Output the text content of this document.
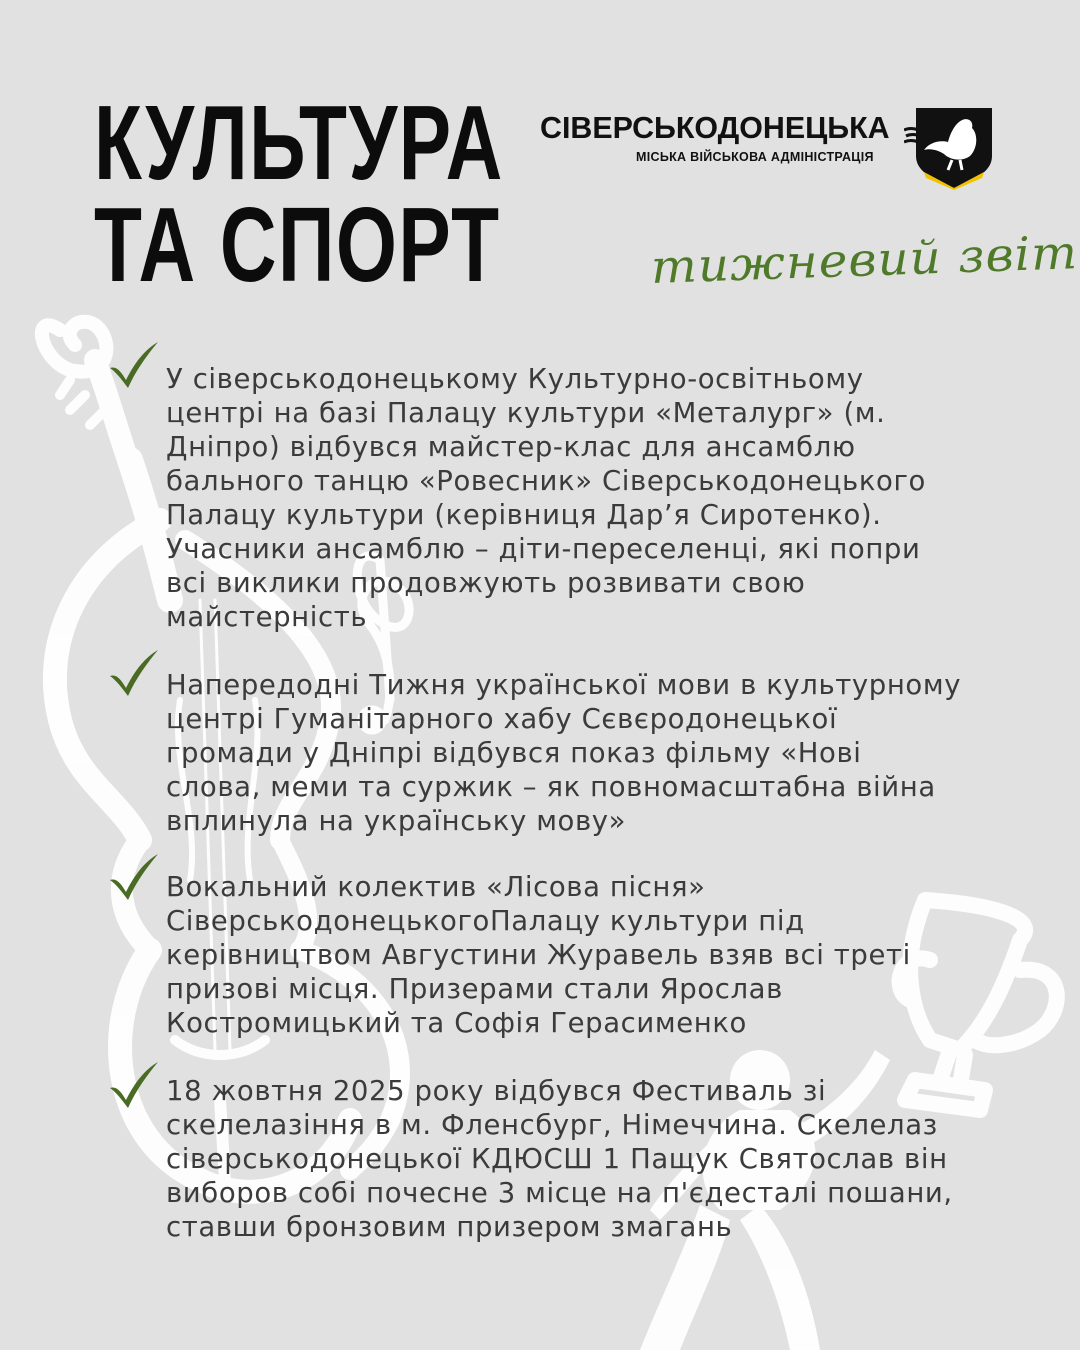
КУЛЬТУРА
ТА СПОРТ
СІВЕРСЬКОДОНЕЦЬКА
МІСЬКА ВІЙСЬКОВА АДМІНІСТРАЦІЯ
тижневий звіт
У сіверськодонецькому Культурно-освітньому
центрі на базі Палацу культури «Металург» (м.
Дніпро) відбувся майстер-клас для ансамблю
бального танцю «Ровесник» Сіверськодонецького
Палацу культури (керівниця Дар’я Сиротенко).
Учасники ансамблю – діти-переселенці, які попри
всі виклики продовжують розвивати свою
майстерність
Напередодні Тижня української мови в культурному
центрі Гуманітарного хабу Сєвєродонецької
громади у Дніпрі відбувся показ фільму «Нові
слова, меми та суржик – як повномасштабна війна
вплинула на українську мову»
Вокальний колектив «Лісова пісня»
СіверськодонецькогоПалацу культури під
керівництвом Августини Журавель взяв всі треті
призові місця. Призерами стали Ярослав
Костромицький та Софія Герасименко
18 жовтня 2025 року відбувся Фестиваль зі
скелелазіння в м. Фленсбург, Німеччина. Скелелаз
сіверськодонецької КДЮСШ 1 Пащук Святослав він
виборов собі почесне 3 місце на п'єдесталі пошани,
ставши бронзовим призером змагань
